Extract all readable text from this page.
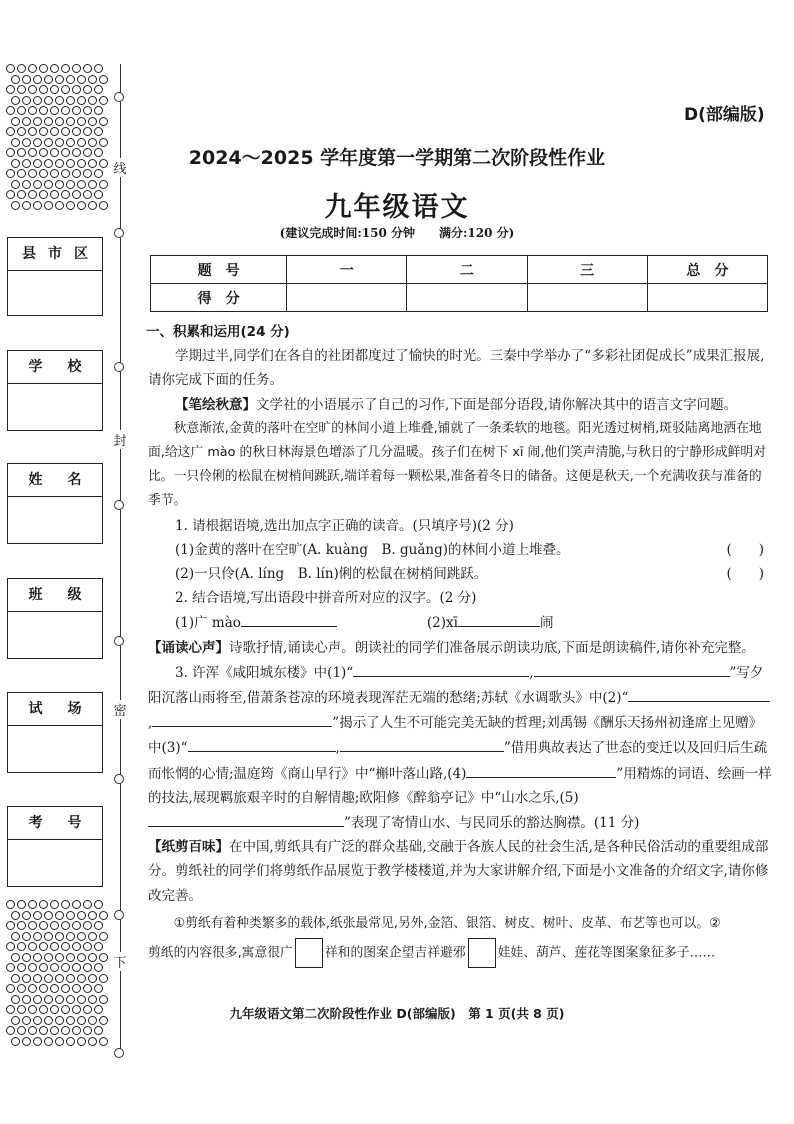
线
封
密
下
县 市 区
学 校
姓 名
班 级
试 场
考 号
D(部编版)
2024～2025 学年度第一学期第二次阶段性作业
九年级语文
(建议完成时间:150 分钟　　满分:120 分)
题　号	一	二	三	总　分
得　分				

一、积累和运用(24 分)

学期过半,同学们在各自的社团都度过了愉快的时光。三秦中学举办了“多彩社团促成长”成果汇报展,请你完成下面的任务。

【笔绘秋意】文学社的小语展示了自己的习作,下面是部分语段,请你解决其中的语言文字问题。

秋意渐浓,金黄的落叶在空旷的林间小道上堆叠,铺就了一条柔软的地毯。阳光透过树梢,斑驳陆离地洒在地面,给这广 mào 的秋日林海景色增添了几分温暖。孩子们在树下 xī 闹,他们笑声清脆,与秋日的宁静形成鲜明对比。一只伶俐的松鼠在树梢间跳跃,端详着每一颗松果,准备着冬日的储备。这便是秋天,一个充满收获与准备的季节。

1. 请根据语境,选出加点字正确的读音。(只填序号)(2 分)

(1)金黄的落叶在空旷(A. kuàng　B. guǎng)的林间小道上堆叠。	(　　)

(2)一只伶(A. líng　B. lín)俐的松鼠在树梢间跳跃。	(　　)

2. 结合语境,写出语段中拼音所对应的汉字。(2 分)

(1)广 mào	(2)xī	闹

【诵读心声】诗歌抒情,诵读心声。朗读社的同学们准备展示朗读功底,下面是朗读稿件,请你补充完整。

3. 许浑《咸阳城东楼》中(1)“	,	”写夕阳沉落山雨将至,借萧条苍凉的环境表现浑茫无端的愁绪;苏轼《水调歌头》中(2)“,	”揭示了人生不可能完美无缺的哲理;刘禹锡《酬乐天扬州初逢席上见赠》中(3)“	,	”借用典故表达了世态的变迁以及回归后生疏而怅惘的心情;温庭筠《商山早行》中“槲叶落山路,(4)	”用精炼的词语、绘画一样的技法,展现羁旅艰辛时的自解情趣;欧阳修《醉翁亭记》中“山水之乐,(5)”表现了寄情山水、与民同乐的豁达胸襟。(11 分)

【纸剪百味】在中国,剪纸具有广泛的群众基础,交融于各族人民的社会生活,是各种民俗活动的重要组成部分。剪纸社的同学们将剪纸作品展览于教学楼楼道,并为大家讲解介绍,下面是小文准备的介绍文字,请你修改完善。

①剪纸有着种类繁多的载体,纸张最常见,另外,金箔、银箔、树皮、树叶、皮革、布艺等也可以。②

剪纸的内容很多,寓意很广	祥和的图案企望吉祥避邪	娃娃、葫芦、莲花等图案象征多子……

九年级语文第二次阶段性作业 D(部编版)　第 1 页(共 8 页)
